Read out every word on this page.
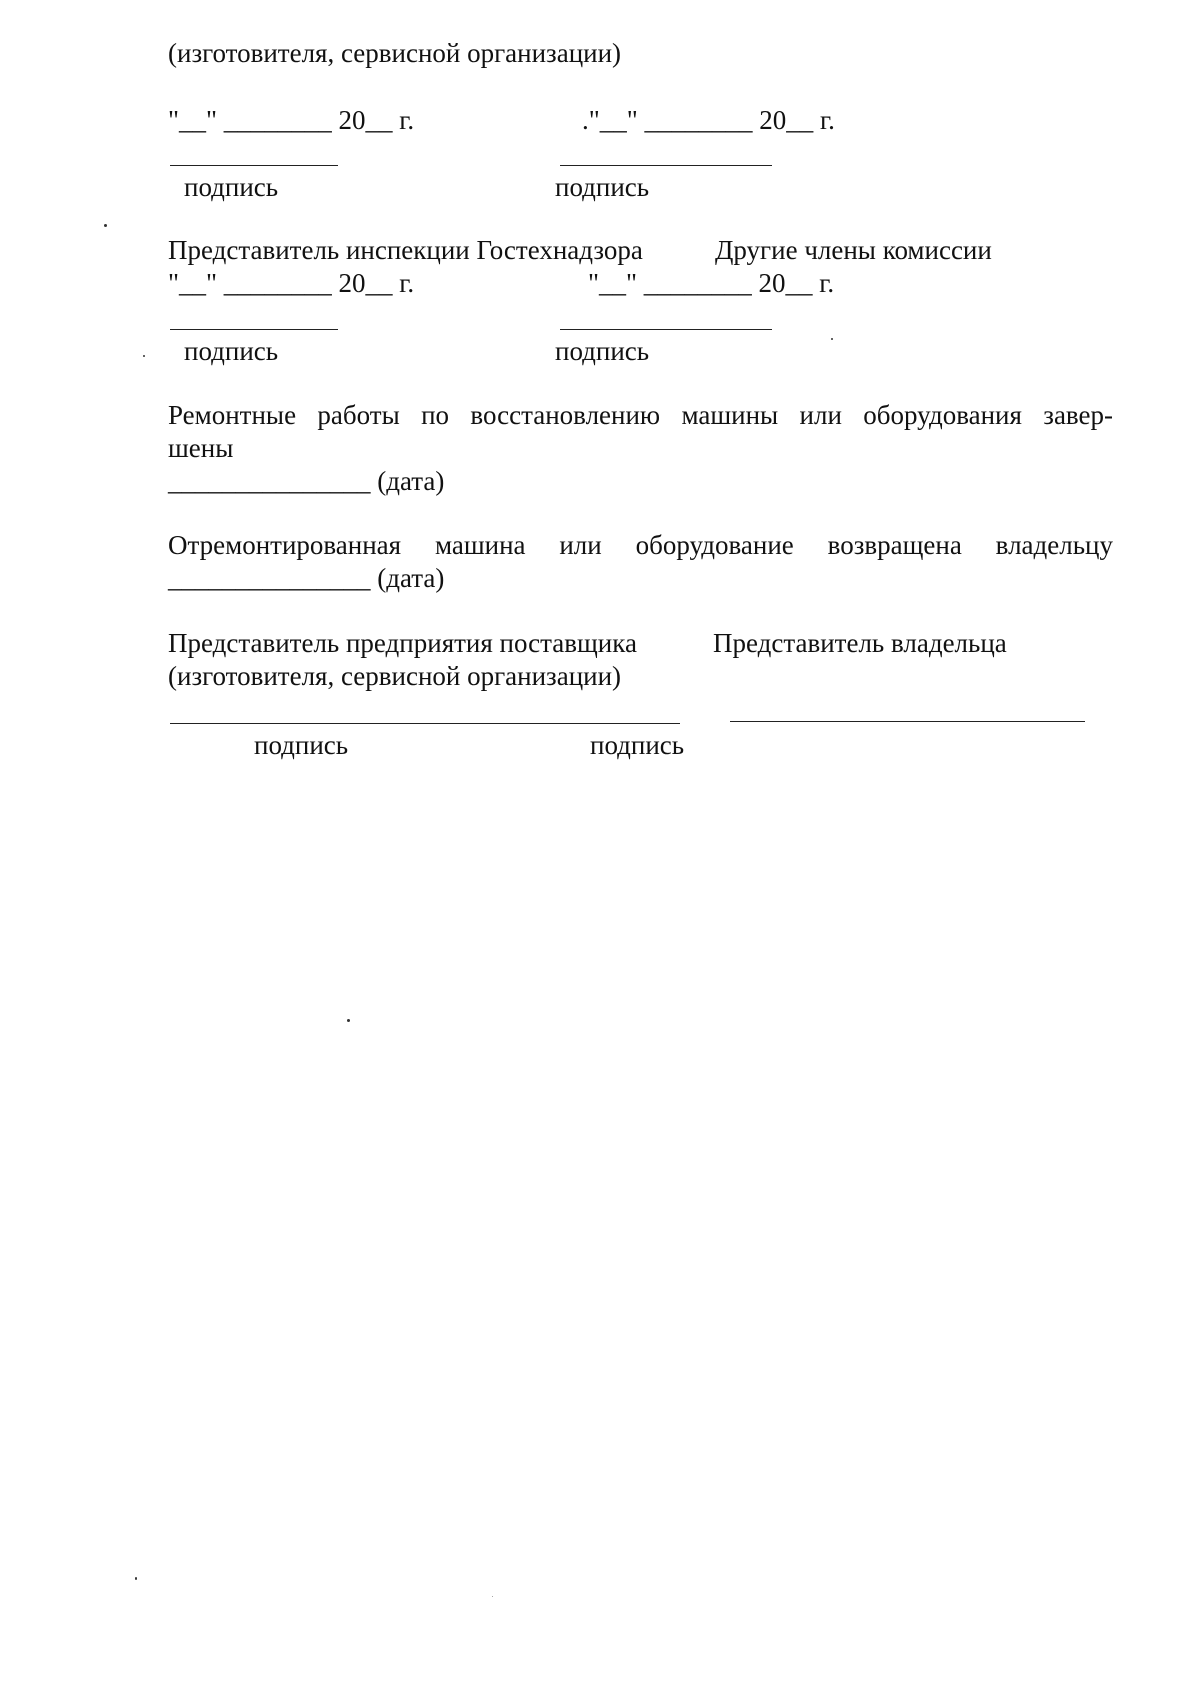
(изготовителя, сервисной организации)
"__" ________ 20__ г.	."__" ________ 20__ г.
подпись	подпись
Представитель инспекции Гостехнадзора	Другие члены комиссии
"__" ________ 20__ г.	"__" ________ 20__ г.
подпись	подпись
Ремонтные работы по восстановлению машины или оборудования завер-
шены
_______________ (дата)
Отремонтированная машина или оборудование возвращена владельцу
_______________ (дата)
Представитель предприятия поставщика	Представитель владельца
(изготовителя, сервисной организации)
подпись	подпись
